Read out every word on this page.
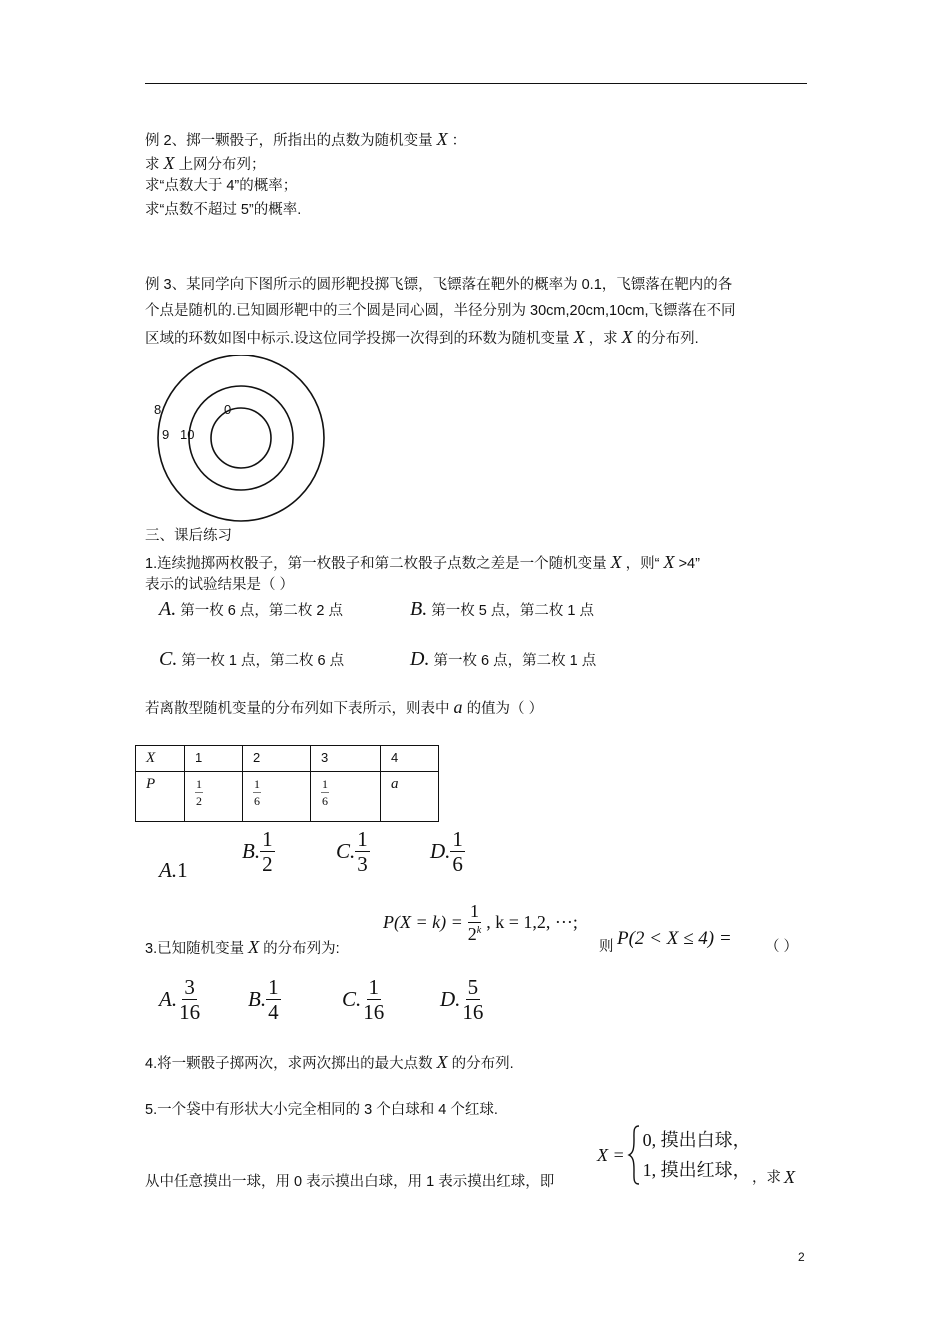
例 2、掷一颗骰子，所指出的点数为随机变量 X ：
求 X 上网分布列；
求“点数大于 4”的概率；
求“点数不超过 5”的概率.
例 3、某同学向下图所示的圆形靶投掷飞镖，飞镖落在靶外的概率为 0.1，飞镖落在靶内的各
个点是随机的.已知圆形靶中的三个圆是同心圆，半径分别为 30cm,20cm,10cm,飞镖落在不同
区域的环数如图中标示.设这位同学投掷一次得到的环数为随机变量 X ，求 X 的分布列.
8	0
9 10
三、课后练习
1.连续抛掷两枚骰子，第一枚骰子和第二枚骰子点数之差是一个随机变量 X ，则“ X >4”
表示的试验结果是（ ）
A. 第一枚 6 点，第二枚 2 点	B. 第一枚 5 点，第二枚 1 点
C. 第一枚 1 点，第二枚 6 点	D. 第一枚 6 点，第二枚 1 点
若离散型随机变量的分布列如下表所示，则表中 a 的值为（ ）
X	1	2	3	4
P	$\frac{1}{2}$	$\frac{1}{6}$	$\frac{1}{6}$	a
A. 1
B.
1
2
C.
1
3
D.
1
6
3.已知随机变量 X 的分布列为:
$P(X = k) = \frac{1}{2^k}$ , k = 1,2, ···;
则 P(2 < X ≤ 4) = （ ）
A.
3
16
B.
1
4
C.
1
16
D.
5
16
4.将一颗骰子掷两次，求两次掷出的最大点数 X 的分布列.
5.一个袋中有形状大小完全相同的 3 个白球和 4 个红球.
从中任意摸出一球，用 0 表示摸出白球，用 1 表示摸出红球，即
X =
0, 摸出白球，
1, 摸出红球， ，求 X
2
